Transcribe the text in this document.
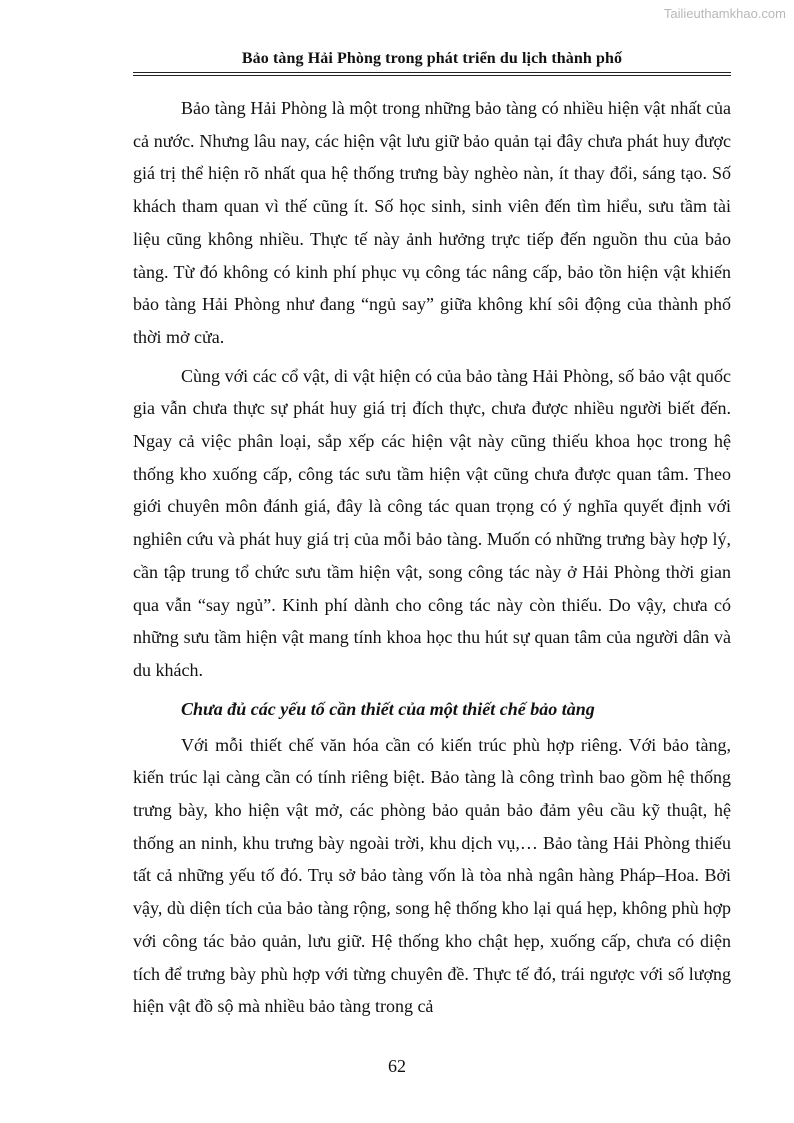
Tailieuthamkhao.com
Bảo tàng Hải Phòng trong phát triển du lịch thành phố

Bảo tàng Hải Phòng là một trong những bảo tàng có nhiều hiện vật nhất của cả nước. Nhưng lâu nay, các hiện vật lưu giữ bảo quản tại đây chưa phát huy được giá trị thể hiện rõ nhất qua hệ thống trưng bày nghèo nàn, ít thay đổi, sáng tạo. Số khách tham quan vì thế cũng ít. Số học sinh, sinh viên đến tìm hiểu, sưu tầm tài liệu cũng không nhiều. Thực tế này ảnh hưởng trực tiếp đến nguồn thu của bảo tàng. Từ đó không có kinh phí phục vụ công tác nâng cấp, bảo tồn hiện vật khiến bảo tàng Hải Phòng như đang “ngủ say” giữa không khí sôi động của thành phố thời mở cửa.

Cùng với các cổ vật, di vật hiện có của bảo tàng Hải Phòng, số bảo vật quốc gia vẫn chưa thực sự phát huy giá trị đích thực, chưa được nhiều người biết đến. Ngay cả việc phân loại, sắp xếp các hiện vật này cũng thiếu khoa học trong hệ thống kho xuống cấp, công tác sưu tầm hiện vật cũng chưa được quan tâm. Theo giới chuyên môn đánh giá, đây là công tác quan trọng có ý nghĩa quyết định với nghiên cứu và phát huy giá trị của mỗi bảo tàng. Muốn có những trưng bày hợp lý, cần tập trung tổ chức sưu tầm hiện vật, song công tác này ở Hải Phòng thời gian qua vẫn “say ngủ”. Kinh phí dành cho công tác này còn thiếu. Do vậy, chưa có những sưu tầm hiện vật mang tính khoa học thu hút sự quan tâm của người dân và du khách.

Chưa đủ các yếu tố cần thiết của một thiết chế bảo tàng

Với mỗi thiết chế văn hóa cần có kiến trúc phù hợp riêng. Với bảo tàng, kiến trúc lại càng cần có tính riêng biệt. Bảo tàng là công trình bao gồm hệ thống trưng bày, kho hiện vật mở, các phòng bảo quản bảo đảm yêu cầu kỹ thuật, hệ thống an ninh, khu trưng bày ngoài trời, khu dịch vụ,… Bảo tàng Hải Phòng thiếu tất cả những yếu tố đó. Trụ sở bảo tàng vốn là tòa nhà ngân hàng Pháp–Hoa. Bởi vậy, dù diện tích của bảo tàng rộng, song hệ thống kho lại quá hẹp, không phù hợp với công tác bảo quản, lưu giữ. Hệ thống kho chật hẹp, xuống cấp, chưa có diện tích để trưng bày phù hợp với từng chuyên đề. Thực tế đó, trái ngược với số lượng hiện vật đồ sộ mà nhiều bảo tàng trong cả

62
